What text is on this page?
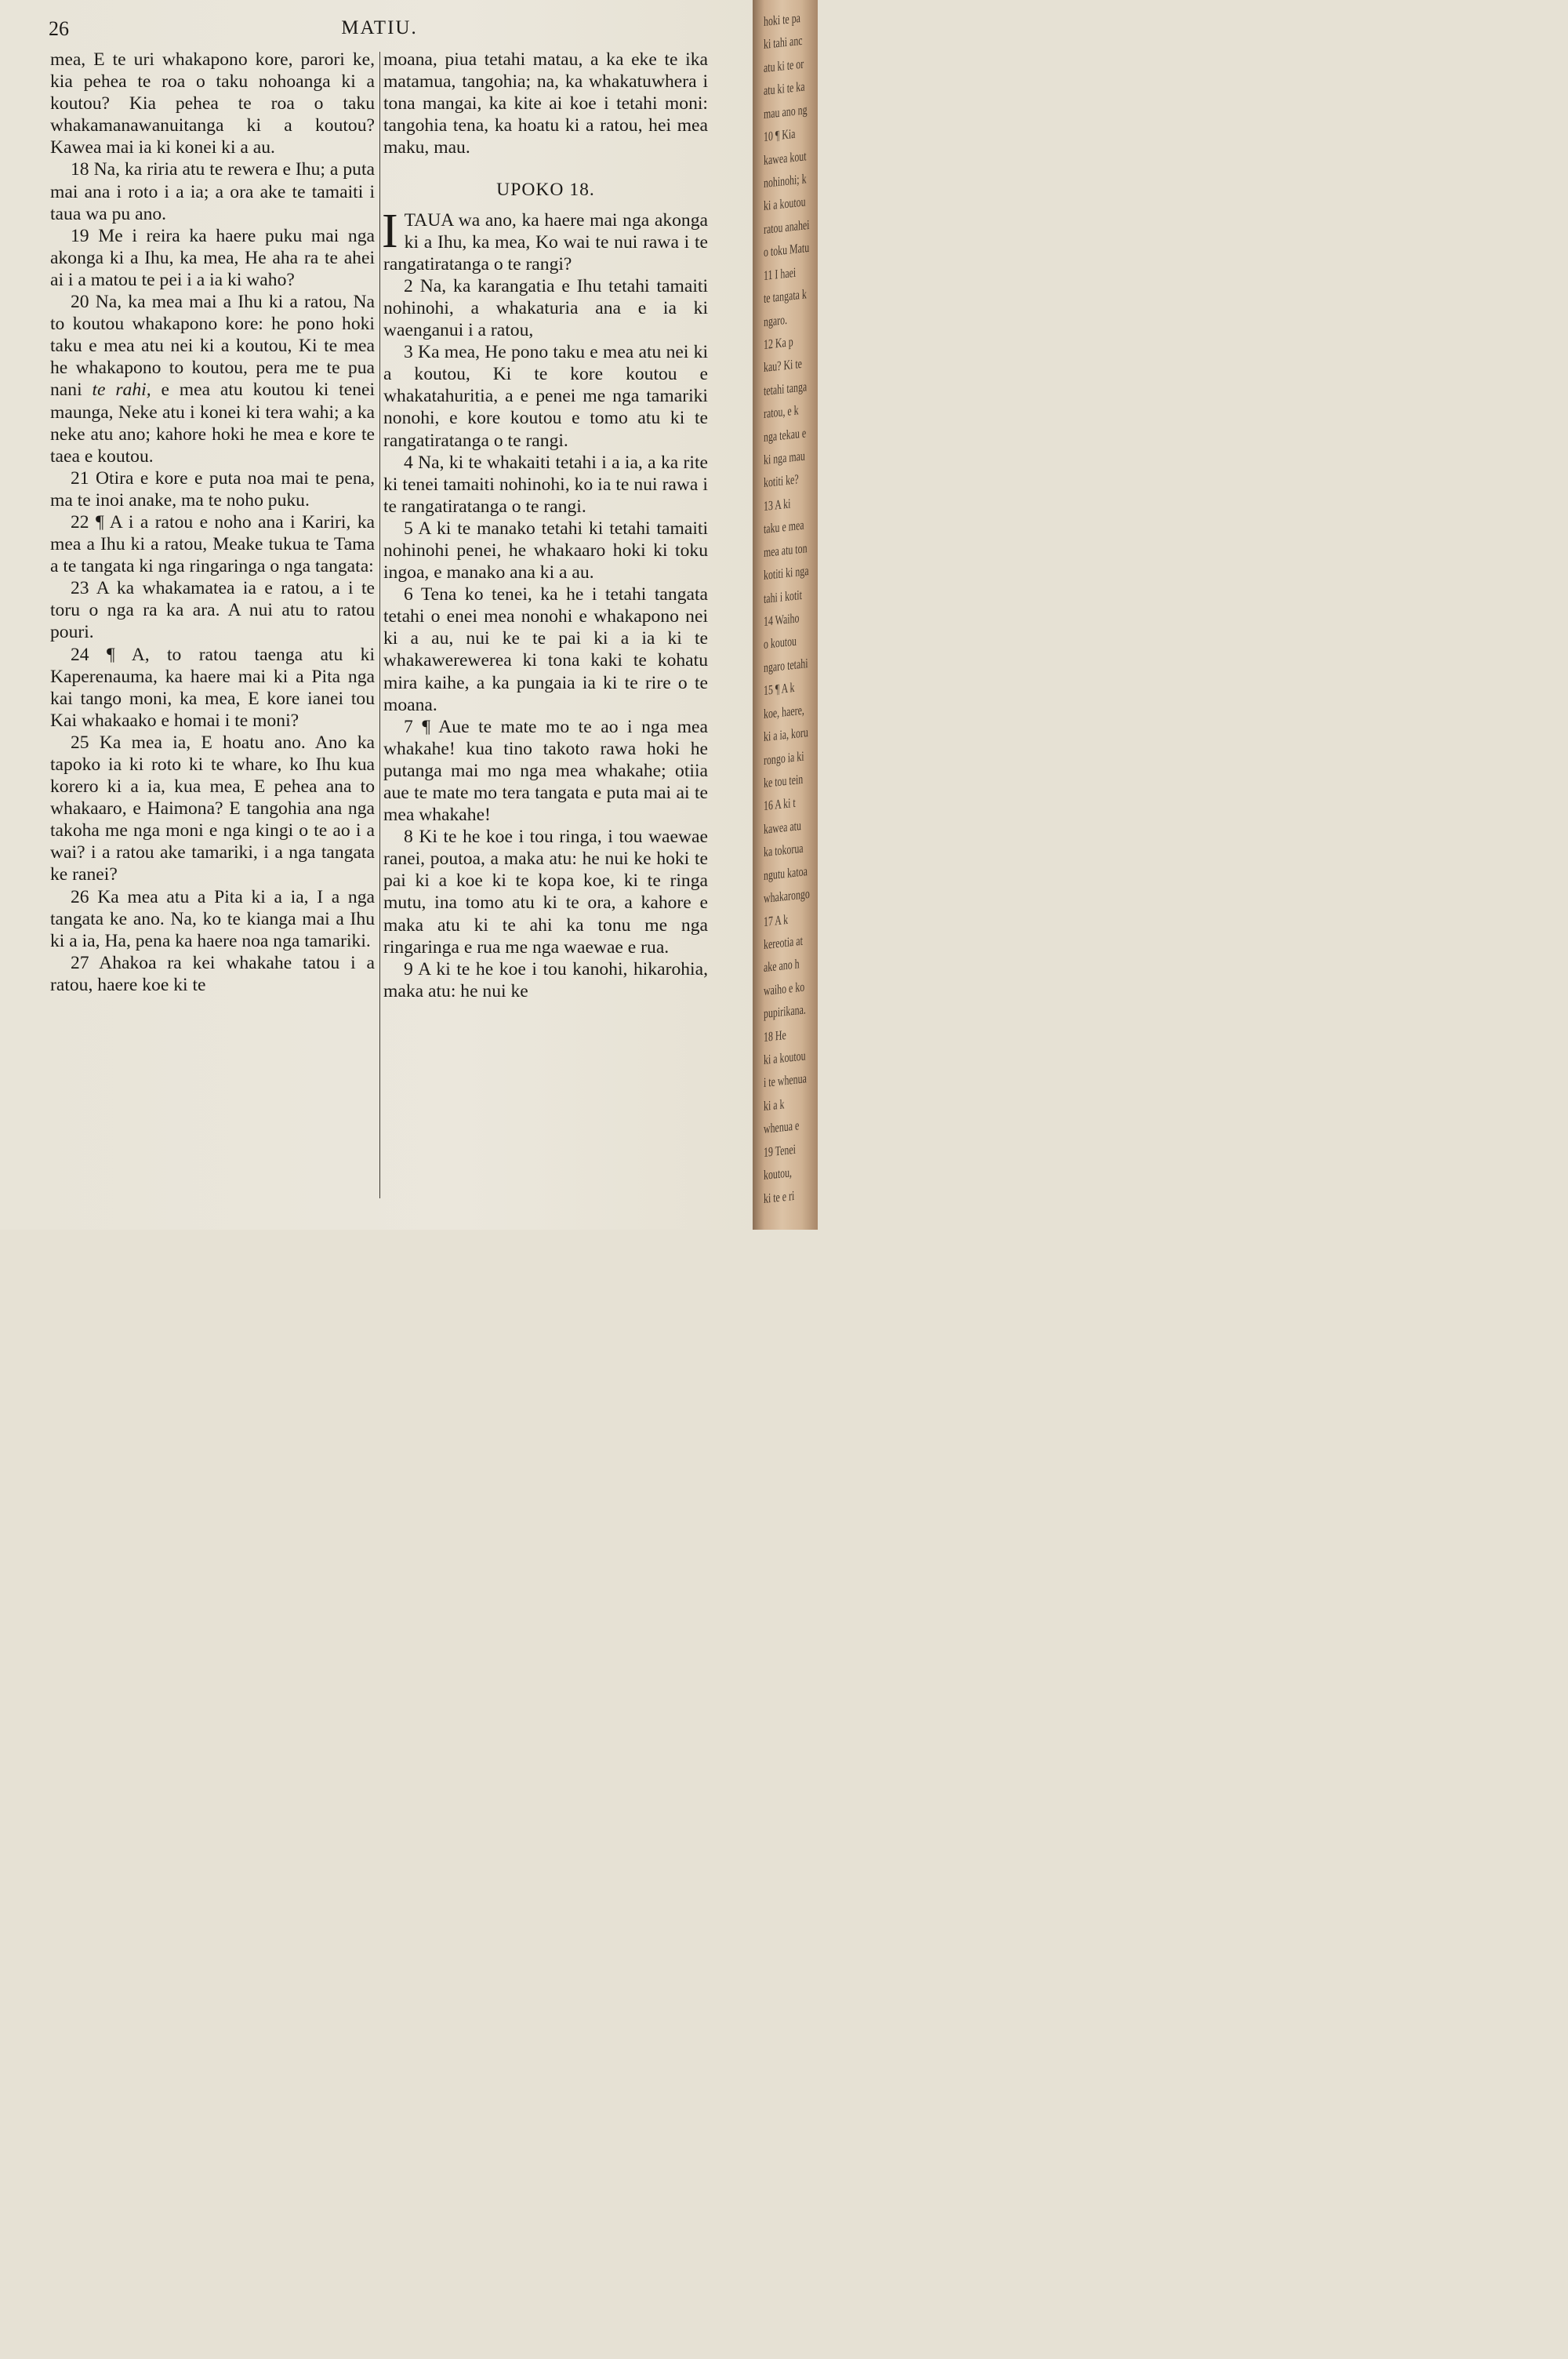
26	MATIU.

mea, E te uri whakapono kore, parori ke, kia pehea te roa o taku nohoanga ki a koutou? Kia pehea te roa o taku whakamanawanuitanga ki a koutou? Kawea mai ia ki konei ki a au.

18 Na, ka riria atu te rewera e Ihu; a puta mai ana i roto i a ia; a ora ake te tamaiti i taua wa pu ano.

19 Me i reira ka haere puku mai nga akonga ki a Ihu, ka mea, He aha ra te ahei ai i a matou te pei i a ia ki waho?

20 Na, ka mea mai a Ihu ki a ratou, Na to koutou whakapono kore: he pono hoki taku e mea atu nei ki a koutou, Ki te mea he whakapono to koutou, pera me te pua nani te rahi, e mea atu koutou ki tenei maunga, Neke atu i konei ki tera wahi; a ka neke atu ano; kahore hoki he mea e kore te taea e koutou.

21 Otira e kore e puta noa mai te pena, ma te inoi anake, ma te noho puku.

22 ¶ A i a ratou e noho ana i Kariri, ka mea a Ihu ki a ratou, Meake tukua te Tama a te tangata ki nga ringaringa o nga tangata:

23 A ka whakamatea ia e ratou, a i te toru o nga ra ka ara. A nui atu to ratou pouri.

24 ¶ A, to ratou taenga atu ki Kaperenauma, ka haere mai ki a Pita nga kai tango moni, ka mea, E kore ianei tou Kai whakaako e homai i te moni?

25 Ka mea ia, E hoatu ano. Ano ka tapoko ia ki roto ki te whare, ko Ihu kua korero ki a ia, kua mea, E pehea ana to whakaaro, e Haimona? E tangohia ana nga takoha me nga moni e nga kingi o te ao i a wai? i a ratou ake tamariki, i a nga tangata ke ranei?

26 Ka mea atu a Pita ki a ia, I a nga tangata ke ano. Na, ko te kianga mai a Ihu ki a ia, Ha, pena ka haere noa nga tamariki.

27 Ahakoa ra kei whakahe tatou i a ratou, haere koe ki te

moana, piua tetahi matau, a ka eke te ika matamua, tangohia; na, ka whakatuwhera i tona mangai, ka kite ai koe i tetahi moni: tangohia tena, ka hoatu ki a ratou, hei mea maku, mau.

UPOKO 18.

ITAUA wa ano, ka haere mai nga akonga ki a Ihu, ka mea, Ko wai te nui rawa i te rangatiratanga o te rangi?

2 Na, ka karangatia e Ihu tetahi tamaiti nohinohi, a whakaturia ana e ia ki waenganui i a ratou,

3 Ka mea, He pono taku e mea atu nei ki a koutou, Ki te kore koutou e whakatahuritia, a e penei me nga tamariki nonohi, e kore koutou e tomo atu ki te rangatiratanga o te rangi.

4 Na, ki te whakaiti tetahi i a ia, a ka rite ki tenei tamaiti nohinohi, ko ia te nui rawa i te rangatiratanga o te rangi.

5 A ki te manako tetahi ki tetahi tamaiti nohinohi penei, he whakaaro hoki ki toku ingoa, e manako ana ki a au.

6 Tena ko tenei, ka he i tetahi tangata tetahi o enei mea nonohi e whakapono nei ki a au, nui ke te pai ki a ia ki te whakawerewerea ki tona kaki te kohatu mira kaihe, a ka pungaia ia ki te rire o te moana.

7 ¶ Aue te mate mo te ao i nga mea whakahe! kua tino takoto rawa hoki he putanga mai mo nga mea whakahe; otiia aue te mate mo tera tangata e puta mai ai te mea whakahe!

8 Ki te he koe i tou ringa, i tou waewae ranei, poutoa, a maka atu: he nui ke hoki te pai ki a koe ki te kopa koe, ki te ringa mutu, ina tomo atu ki te ora, a kahore e maka atu ki te ahi ka tonu me nga ringaringa e rua me nga waewae e rua.

9 A ki te he koe i tou kanohi, hikarohia, maka atu: he nui ke

hoki te pa
ki tahi anc
atu ki te or
atu ki te ka
mau ano ng
10 ¶ Kia
kawea kout
nohinohi; k
ki a koutou
ratou anahei
o toku Matu
11 I haei
te tangata k
ngaro.
12 Ka p
kau? Ki te
tetahi tanga
ratou, e k
nga tekau e
ki nga mau
kotiti ke?
13 A ki
taku e mea
mea atu ton
kotiti ki nga
tahi i kotit
14 Waiho
o koutou
ngaro tetahi
15 ¶ A k
koe, haere,
ki a ia, koru
rongo ia ki
ke tou tein
16 A ki t
kawea atu
ka tokorua
ngutu katoa
whakarongo
17 A k
kereotia at
ake ano h
waiho e ko
pupirikana.
18 He
ki a koutou
i te whenua
ki a k
whenua e
19 Tenei
koutou,
ki te e ri
